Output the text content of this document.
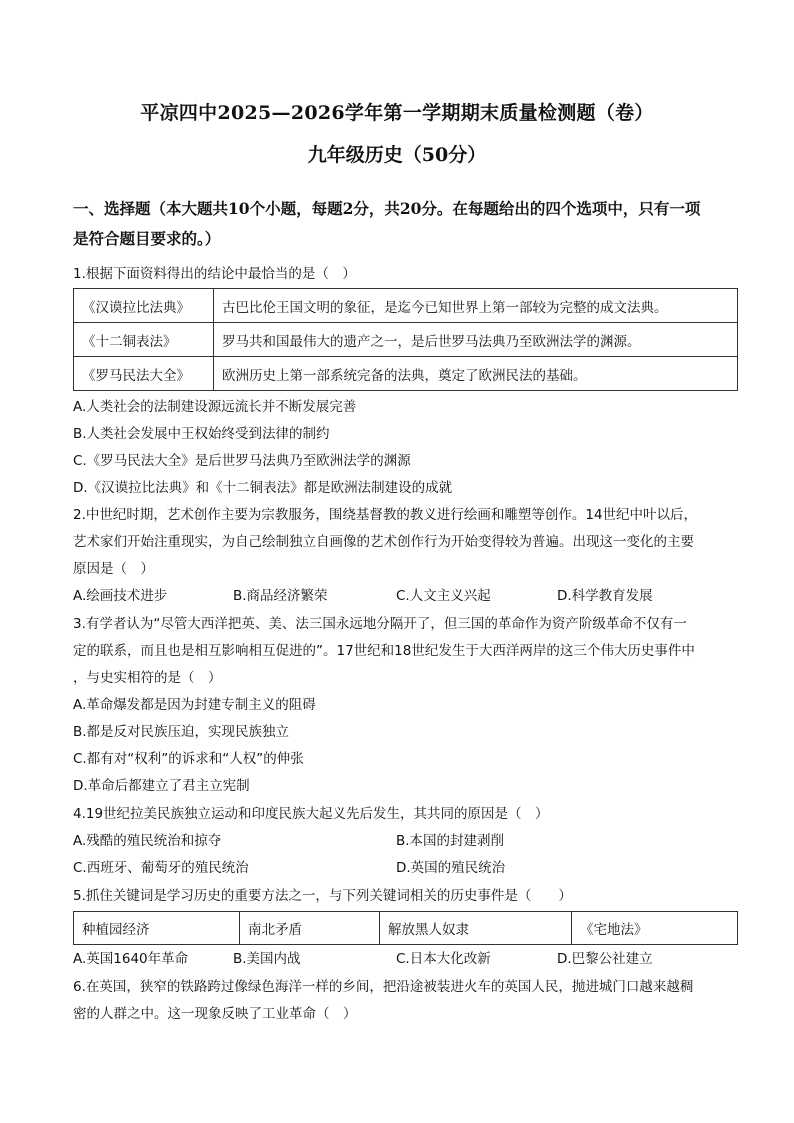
平凉四中2025—2026学年第一学期期末质量检测题（卷）
九年级历史（50分）
一、选择题（本大题共10个小题，每题2分，共20分。在每题给出的四个选项中，只有一项
是符合题目要求的。）
1.根据下面资料得出的结论中最恰当的是（　）
《汉谟拉比法典》	古巴比伦王国文明的象征，是迄今已知世界上第一部较为完整的成文法典。
《十二铜表法》	罗马共和国最伟大的遗产之一，是后世罗马法典乃至欧洲法学的渊源。
《罗马民法大全》	欧洲历史上第一部系统完备的法典，奠定了欧洲民法的基础。
A.人类社会的法制建设源远流长并不断发展完善
B.人类社会发展中王权始终受到法律的制约
C.《罗马民法大全》是后世罗马法典乃至欧洲法学的渊源
D.《汉谟拉比法典》和《十二铜表法》都是欧洲法制建设的成就
2.中世纪时期，艺术创作主要为宗教服务，围绕基督教的教义进行绘画和雕塑等创作。14世纪中叶以后，
艺术家们开始注重现实，为自己绘制独立自画像的艺术创作行为开始变得较为普遍。出现这一变化的主要
原因是（　）
A.绘画技术进步	B.商品经济繁荣	C.人文主义兴起	D.科学教育发展
3.有学者认为“尽管大西洋把英、美、法三国永远地分隔开了，但三国的革命作为资产阶级革命不仅有一
定的联系，而且也是相互影响相互促进的”。17世纪和18世纪发生于大西洋两岸的这三个伟大历史事件中
，与史实相符的是（　）
A.革命爆发都是因为封建专制主义的阻碍
B.都是反对民族压迫，实现民族独立
C.都有对“权利”的诉求和“人权”的伸张
D.革命后都建立了君主立宪制
4.19世纪拉美民族独立运动和印度民族大起义先后发生，其共同的原因是（　）
A.残酷的殖民统治和掠夺	B.本国的封建剥削
C.西班牙、葡萄牙的殖民统治	D.英国的殖民统治
5.抓住关键词是学习历史的重要方法之一，与下列关键词相关的历史事件是（　　）
种植园经济	南北矛盾	解放黑人奴隶	《宅地法》
A.英国1640年革命	B.美国内战	C.日本大化改新	D.巴黎公社建立
6.在英国，狭窄的铁路跨过像绿色海洋一样的乡间，把沿途被装进火车的英国人民，抛进城门口越来越稠
密的人群之中。这一现象反映了工业革命（　）
